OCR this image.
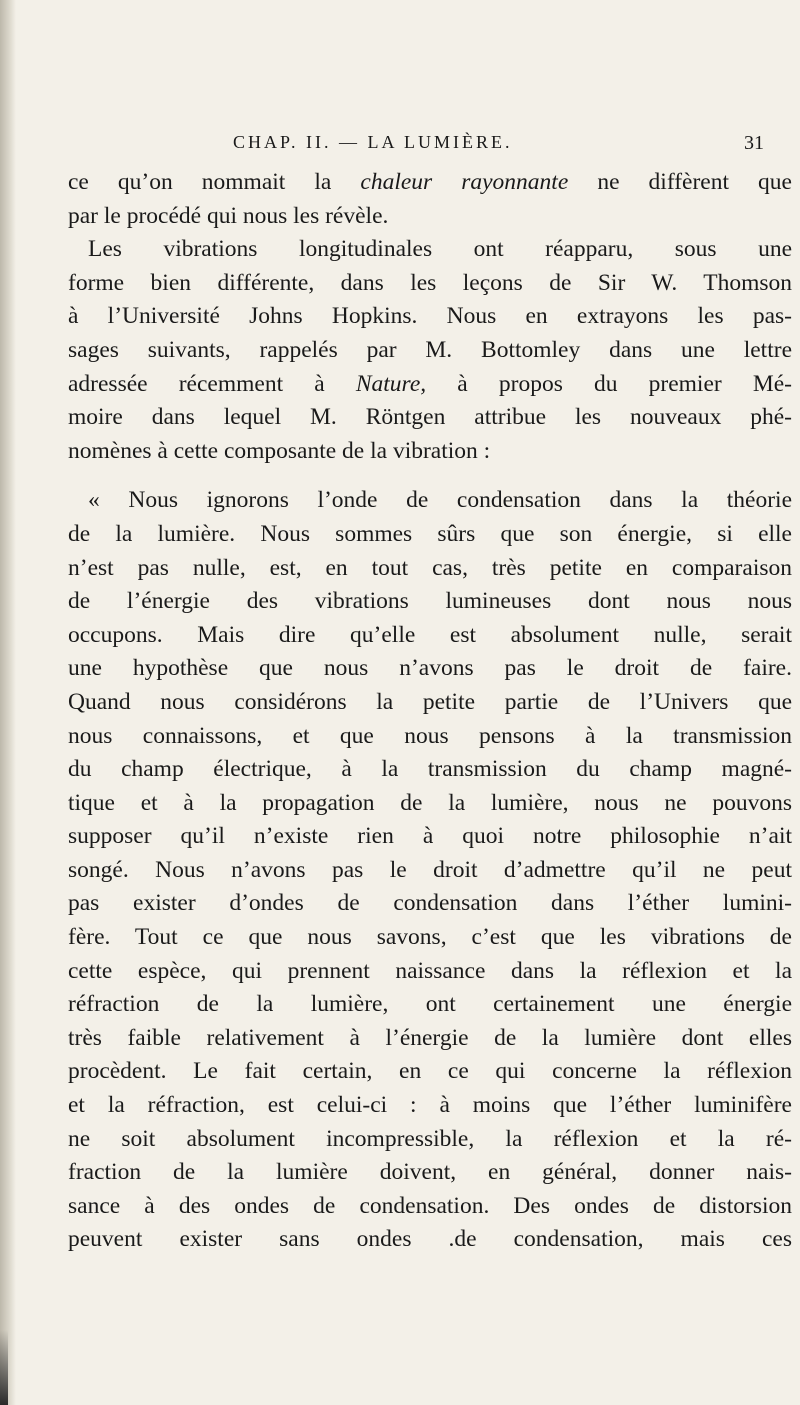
CHAP. II. — LA LUMIÈRE.	31
ce qu’on nommait la chaleur rayonnante ne diffèrent que
par le procédé qui nous les révèle.
Les vibrations longitudinales ont réapparu, sous une
forme bien différente, dans les leçons de Sir W. Thomson
à l’Université Johns Hopkins. Nous en extrayons les pas-
sages suivants, rappelés par M. Bottomley dans une lettre
adressée récemment à Nature, à propos du premier Mé-
moire dans lequel M. Röntgen attribue les nouveaux phé-
nomènes à cette composante de la vibration :
« Nous ignorons l’onde de condensation dans la théorie
de la lumière. Nous sommes sûrs que son énergie, si elle
n’est pas nulle, est, en tout cas, très petite en comparaison
de l’énergie des vibrations lumineuses dont nous nous
occupons. Mais dire qu’elle est absolument nulle, serait
une hypothèse que nous n’avons pas le droit de faire.
Quand nous considérons la petite partie de l’Univers que
nous connaissons, et que nous pensons à la transmission
du champ électrique, à la transmission du champ magné-
tique et à la propagation de la lumière, nous ne pouvons
supposer qu’il n’existe rien à quoi notre philosophie n’ait
songé. Nous n’avons pas le droit d’admettre qu’il ne peut
pas exister d’ondes de condensation dans l’éther lumini-
fère. Tout ce que nous savons, c’est que les vibrations de
cette espèce, qui prennent naissance dans la réflexion et la
réfraction de la lumière, ont certainement une énergie
très faible relativement à l’énergie de la lumière dont elles
procèdent. Le fait certain, en ce qui concerne la réflexion
et la réfraction, est celui-ci : à moins que l’éther luminifère
ne soit absolument incompressible, la réflexion et la ré-
fraction de la lumière doivent, en général, donner nais-
sance à des ondes de condensation. Des ondes de distorsion
peuvent exister sans ondes .de condensation, mais ces
